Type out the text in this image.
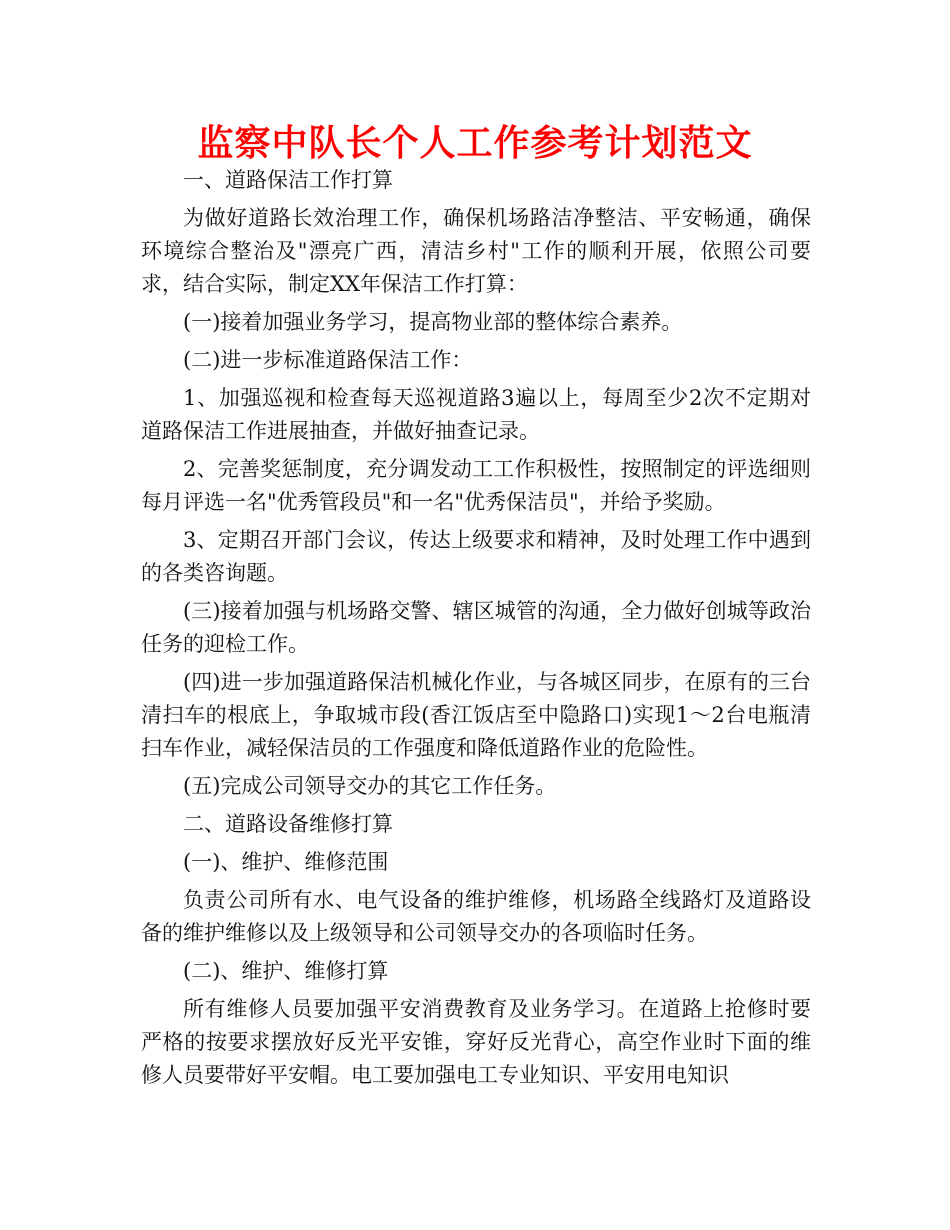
监察中队长个人工作参考计划范文

一、道路保洁工作打算

为做好道路长效治理工作，确保机场路洁净整洁、平安畅通，确保环境综合整治及"漂亮广西，清洁乡村"工作的顺利开展，依照公司要求，结合实际，制定XX年保洁工作打算：

(一)接着加强业务学习，提高物业部的整体综合素养。

(二)进一步标准道路保洁工作：

1、加强巡视和检查每天巡视道路3遍以上，每周至少2次不定期对道路保洁工作进展抽查，并做好抽查记录。

2、完善奖惩制度，充分调发动工工作积极性，按照制定的评选细则每月评选一名"优秀管段员"和一名"优秀保洁员"，并给予奖励。

3、定期召开部门会议，传达上级要求和精神，及时处理工作中遇到的各类咨询题。

(三)接着加强与机场路交警、辖区城管的沟通，全力做好创城等政治任务的迎检工作。

(四)进一步加强道路保洁机械化作业，与各城区同步，在原有的三台清扫车的根底上，争取城市段(香江饭店至中隐路口)实现1～2台电瓶清扫车作业，减轻保洁员的工作强度和降低道路作业的危险性。

(五)完成公司领导交办的其它工作任务。

二、道路设备维修打算

(一)、维护、维修范围

负责公司所有水、电气设备的维护维修，机场路全线路灯及道路设备的维护维修以及上级领导和公司领导交办的各项临时任务。

(二)、维护、维修打算

所有维修人员要加强平安消费教育及业务学习。在道路上抢修时要严格的按要求摆放好反光平安锥，穿好反光背心，高空作业时下面的维修人员要带好平安帽。电工要加强电工专业知识、平安用电知识
